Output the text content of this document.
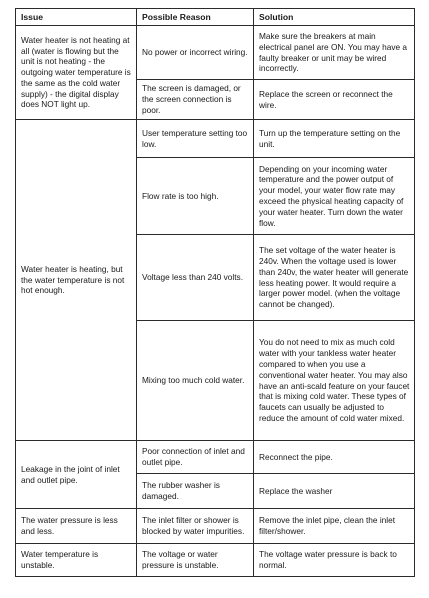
Issue	Possible Reason	Solution
Water heater is not heating at all (water is flowing but the unit is not heating - the outgoing water temperature is the same as the cold water supply) - the digital display does NOT light up.	No power or incorrect wiring.	Make sure the breakers at main electrical panel are ON. You may have a faulty breaker or unit may be wired incorrectly.
	The screen is damaged, or the screen connection is poor.	Replace the screen or reconnect the wire.
Water heater is heating, but the water temperature is not hot enough.	User temperature setting too low.	Turn up the temperature setting on the unit.
	Flow rate is too high.	Depending on your incoming water temperature and the power output of your model, your water flow rate may exceed the physical heating capacity of your water heater. Turn down the water flow.
	Voltage less than 240 volts.	The set voltage of the water heater is 240v. When the voltage used is lower than 240v, the water heater will generate less heating power. It would require a larger power model. (when the voltage cannot be changed).
	Mixing too much cold water.	You do not need to mix as much cold water with your tankless water heater compared to when you use a conventional water heater. You may also have an anti-scald feature on your faucet that is mixing cold water. These types of faucets can usually be adjusted to reduce the amount of cold water mixed.
Leakage in the joint of inlet and outlet pipe.	Poor connection of inlet and outlet pipe.	Reconnect the pipe.
	The rubber washer is damaged.	Replace the washer
The water pressure is less and less.	The inlet filter or shower is blocked by water impurities.	Remove the inlet pipe, clean the inlet filter/shower.
Water temperature is unstable.	The voltage or water pressure is unstable.	The voltage water pressure is back to normal.
